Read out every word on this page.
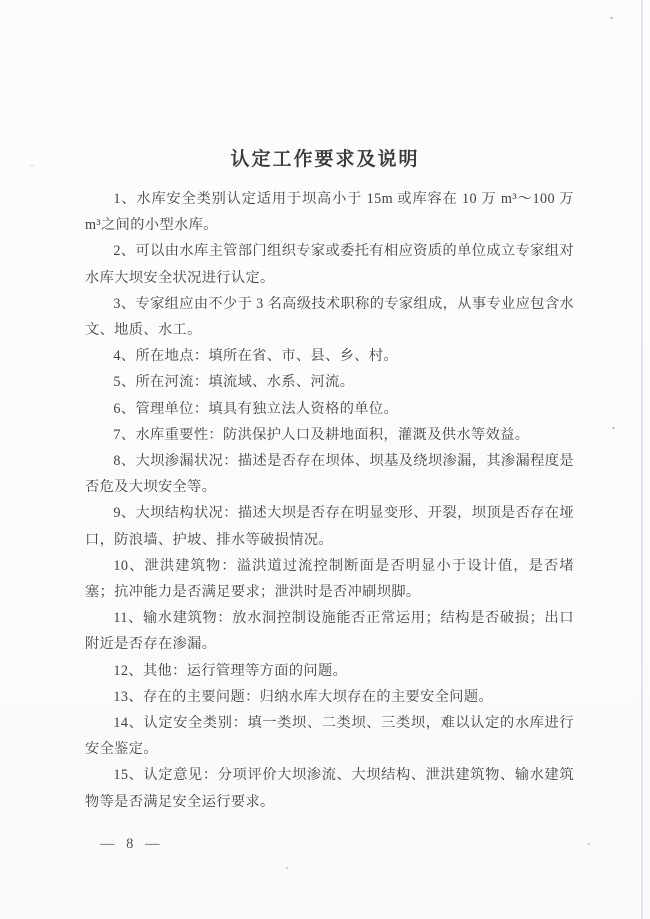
认定工作要求及说明

1、水库安全类别认定适用于坝高小于 15m 或库容在 10 万 m³～100 万 m³之间的小型水库。

2、可以由水库主管部门组织专家或委托有相应资质的单位成立专家组对水库大坝安全状况进行认定。

3、专家组应由不少于 3 名高级技术职称的专家组成，从事专业应包含水文、地质、水工。

4、所在地点：填所在省、市、县、乡、村。

5、所在河流：填流域、水系、河流。

6、管理单位：填具有独立法人资格的单位。

7、水库重要性：防洪保护人口及耕地面积，灌溉及供水等效益。

8、大坝渗漏状况：描述是否存在坝体、坝基及绕坝渗漏，其渗漏程度是否危及大坝安全等。

9、大坝结构状况：描述大坝是否存在明显变形、开裂，坝顶是否存在垭口，防浪墙、护坡、排水等破损情况。

10、泄洪建筑物：溢洪道过流控制断面是否明显小于设计值，是否堵塞；抗冲能力是否满足要求；泄洪时是否冲刷坝脚。

11、输水建筑物：放水洞控制设施能否正常运用；结构是否破损；出口附近是否存在渗漏。

12、其他：运行管理等方面的问题。

13、存在的主要问题：归纳水库大坝存在的主要安全问题。

14、认定安全类别：填一类坝、二类坝、三类坝，难以认定的水库进行安全鉴定。

15、认定意见：分项评价大坝渗流、大坝结构、泄洪建筑物、输水建筑物等是否满足安全运行要求。

— 8 —
